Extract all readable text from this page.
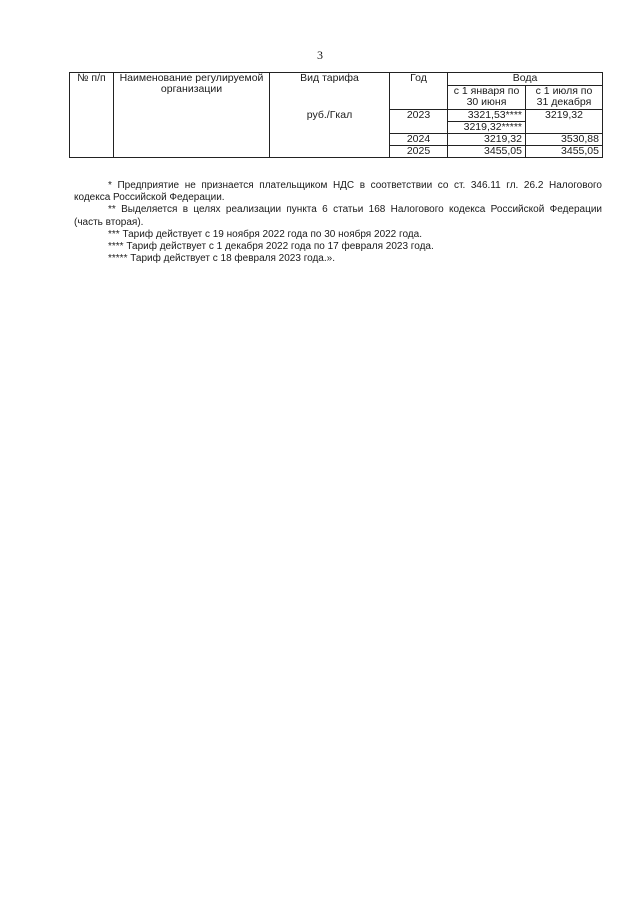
3
№ п/п	Наименование регулируемой организации	Вид тарифа	Год	Вода	
				с 1 января по 30 июня	с 1 июля по 31 декабря

		руб./Гкал	2023	3321,53****	3219,32
				3219,32*****	
			2024	3219,32	3530,88
			2025	3455,05	3455,05

* Предприятие не признается плательщиком НДС в соответствии со ст. 346.11 гл. 26.2 Налогового кодекса Российской Федерации.

** Выделяется в целях реализации пункта 6 статьи 168 Налогового кодекса Российской Федерации (часть вторая).

*** Тариф действует с 19 ноября 2022 года по 30 ноября 2022 года.

**** Тариф действует с 1 декабря 2022 года по 17 февраля 2023 года.

***** Тариф действует с 18 февраля 2023 года.».
